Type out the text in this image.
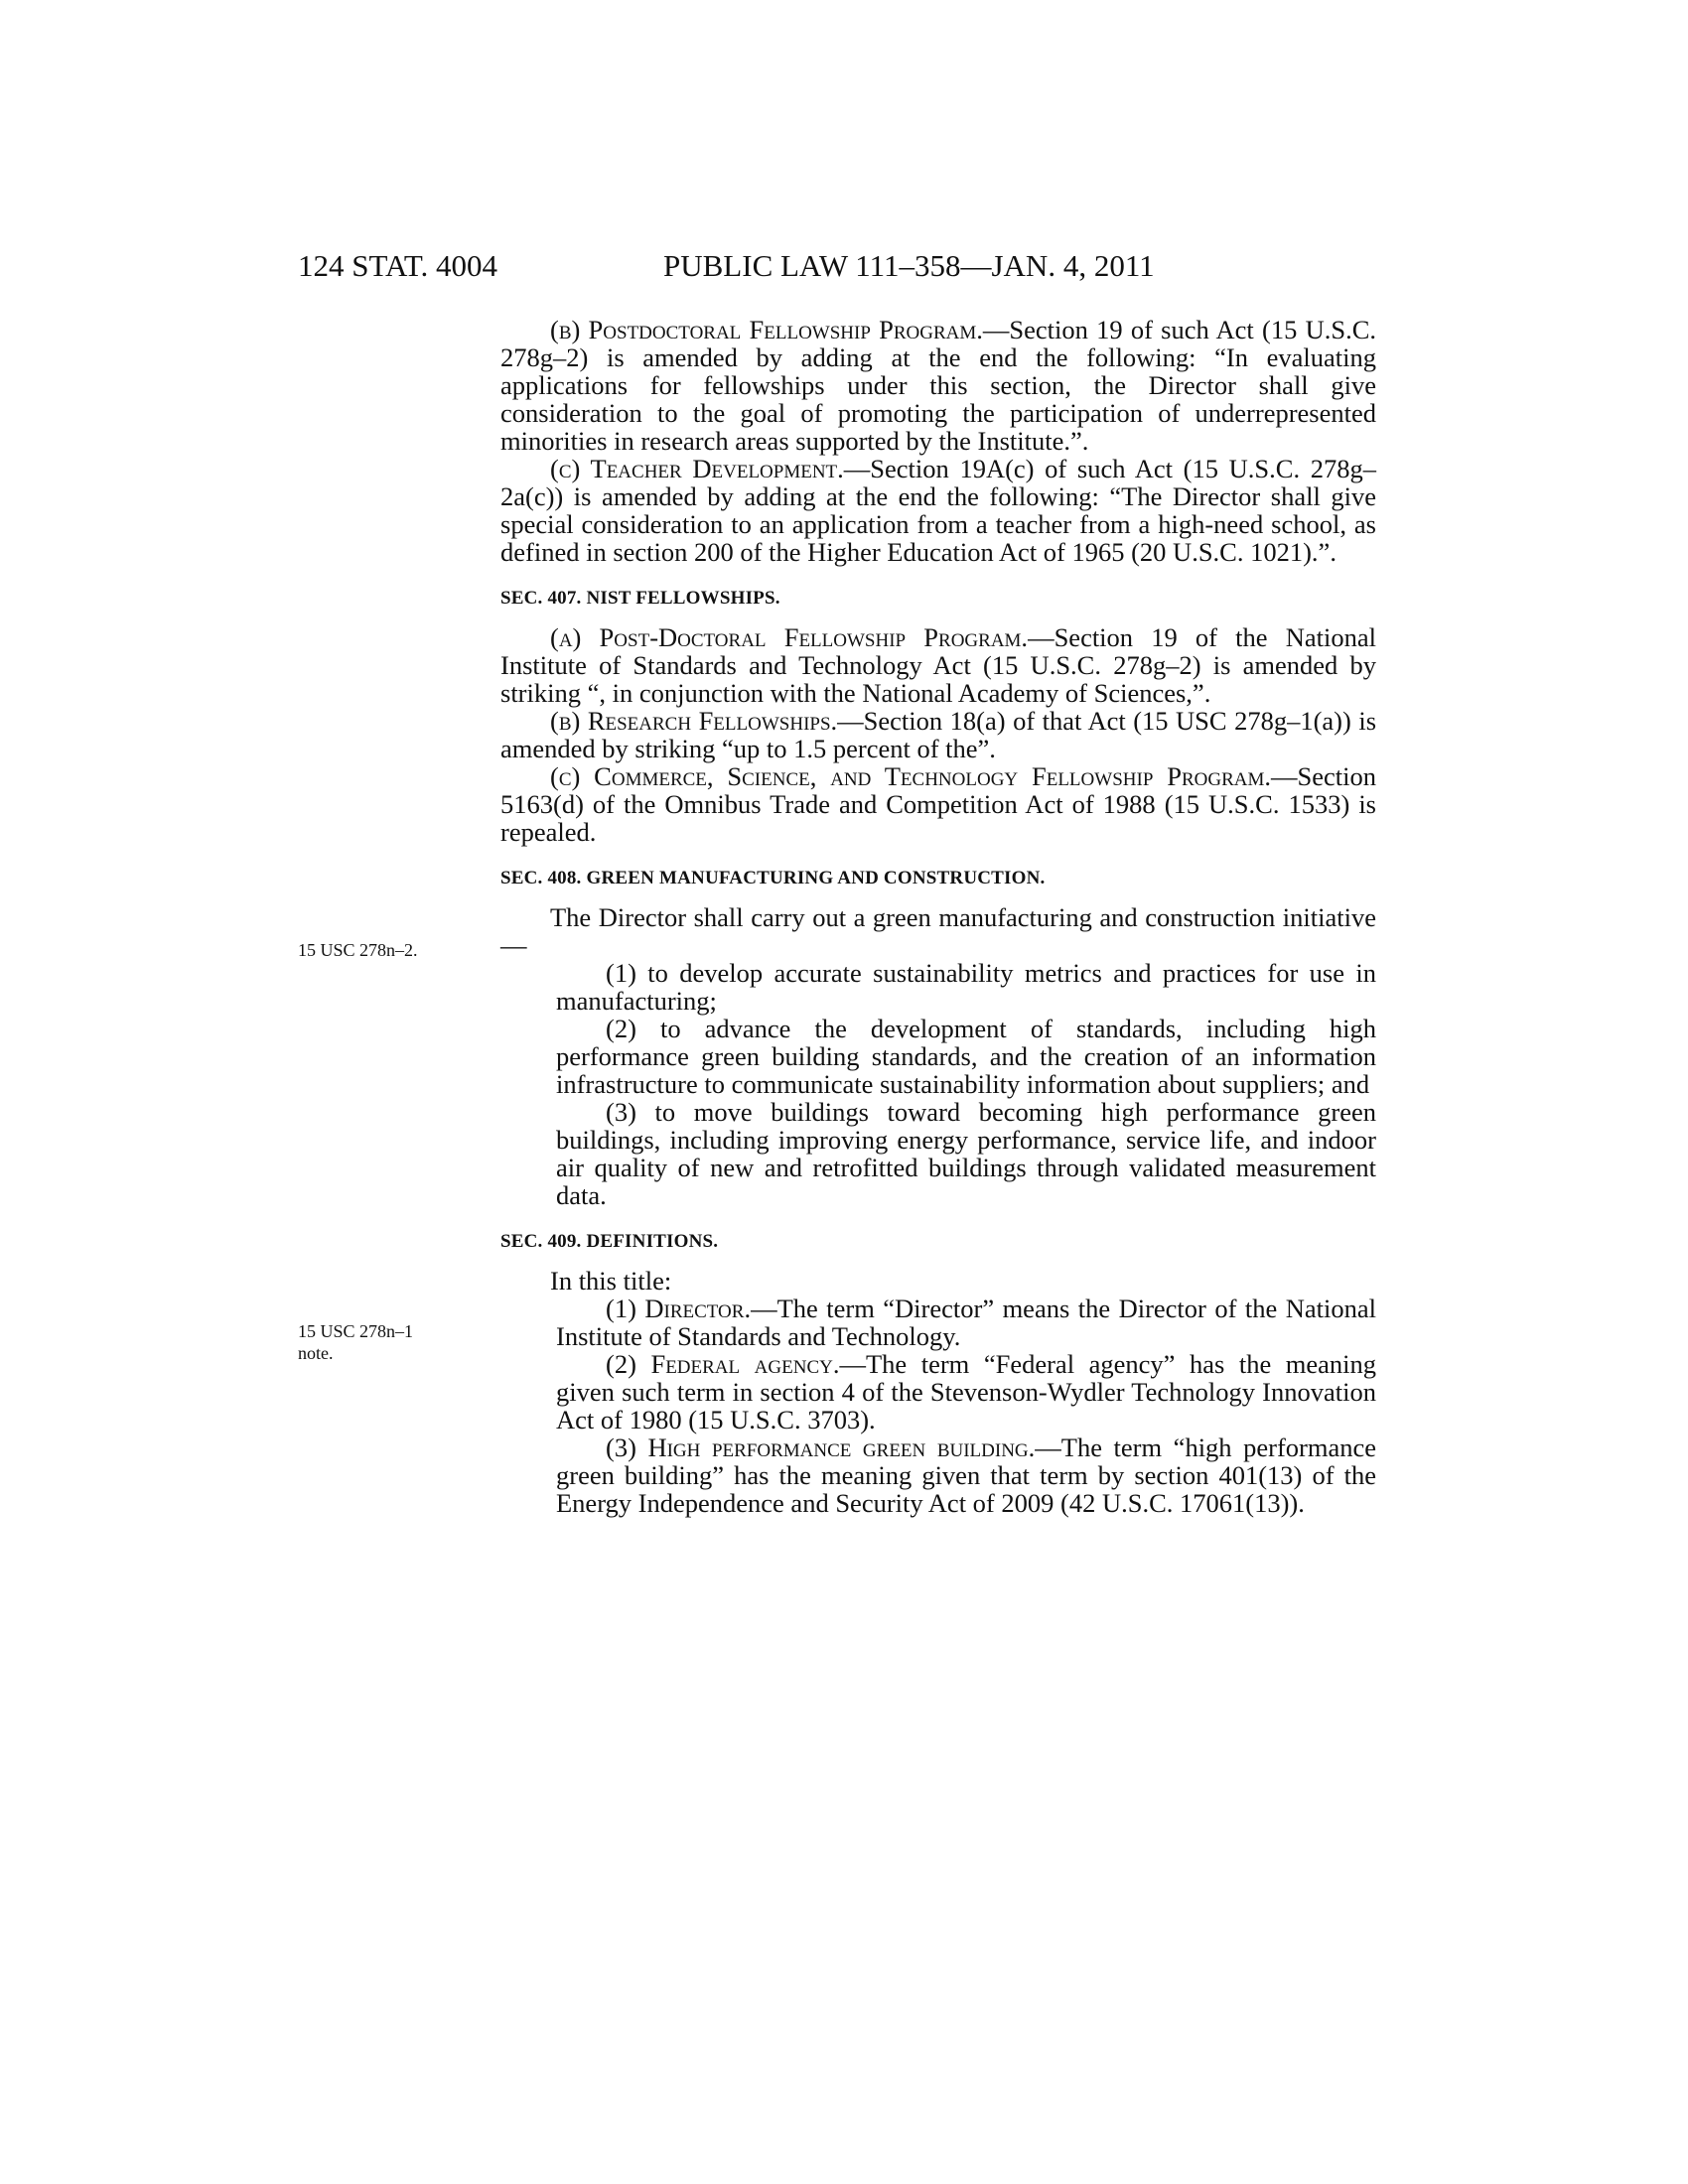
124 STAT. 4004	PUBLIC LAW 111–358—JAN. 4, 2011
15 USC 278n–2.
15 USC 278n–1
note.

(b) Postdoctoral Fellowship Program.—Section 19 of such Act (15 U.S.C. 278g–2) is amended by adding at the end the following: “In evaluating applications for fellowships under this section, the Director shall give consideration to the goal of promoting the participation of underrepresented minorities in research areas supported by the Institute.”.

(c) Teacher Development.—Section 19A(c) of such Act (15 U.S.C. 278g–2a(c)) is amended by adding at the end the following: “The Director shall give special consideration to an application from a teacher from a high-need school, as defined in section 200 of the Higher Education Act of 1965 (20 U.S.C. 1021).”.

SEC. 407. NIST FELLOWSHIPS.

(a) Post-Doctoral Fellowship Program.—Section 19 of the National Institute of Standards and Technology Act (15 U.S.C. 278g–2) is amended by striking “, in conjunction with the National Academy of Sciences,”.

(b) Research Fellowships.—Section 18(a) of that Act (15 USC 278g–1(a)) is amended by striking “up to 1.5 percent of the”.

(c) Commerce, Science, and Technology Fellowship Program.—Section 5163(d) of the Omnibus Trade and Competition Act of 1988 (15 U.S.C. 1533) is repealed.

SEC. 408. GREEN MANUFACTURING AND CONSTRUCTION.

The Director shall carry out a green manufacturing and construction initiative—

(1) to develop accurate sustainability metrics and practices for use in manufacturing;

(2) to advance the development of standards, including high performance green building standards, and the creation of an information infrastructure to communicate sustainability information about suppliers; and

(3) to move buildings toward becoming high performance green buildings, including improving energy performance, service life, and indoor air quality of new and retrofitted buildings through validated measurement data.

SEC. 409. DEFINITIONS.

In this title:

(1) Director.—The term “Director” means the Director of the National Institute of Standards and Technology.

(2) Federal agency.—The term “Federal agency” has the meaning given such term in section 4 of the Stevenson-Wydler Technology Innovation Act of 1980 (15 U.S.C. 3703).

(3) High performance green building.—The term “high performance green building” has the meaning given that term by section 401(13) of the Energy Independence and Security Act of 2009 (42 U.S.C. 17061(13)).
